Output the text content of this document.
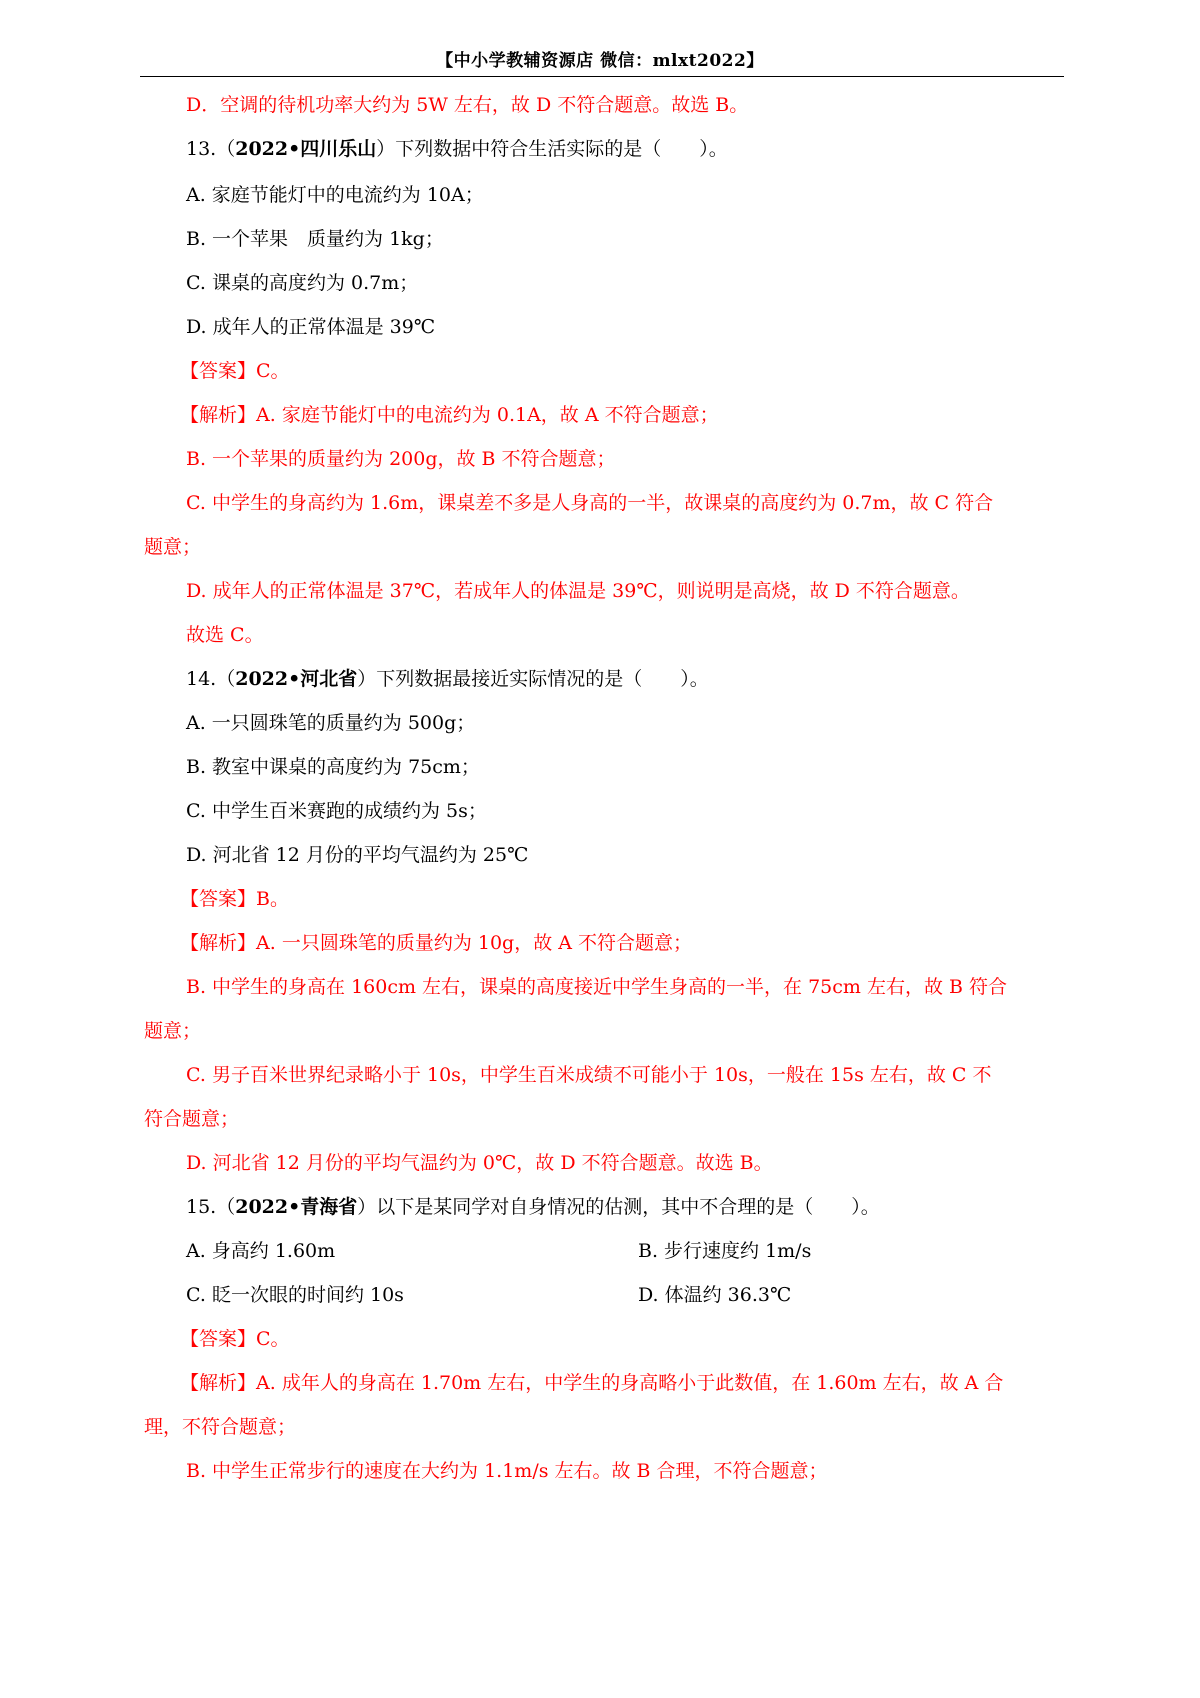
【中小学教辅资源店 微信：mlxt2022】
D．空调的待机功率大约为 5W 左右，故 D 不符合题意。故选 B。
13.（2022•四川乐山）下列数据中符合生活实际的是（　　）。
A. 家庭节能灯中的电流约为 10A；
B. 一个苹果　质量约为 1kg；
C. 课桌的高度约为 0.7m；
D. 成年人的正常体温是 39℃
【答案】C。
【解析】A. 家庭节能灯中的电流约为 0.1A，故 A 不符合题意；
B. 一个苹果的质量约为 200g，故 B 不符合题意；
C. 中学生的身高约为 1.6m，课桌差不多是人身高的一半，故课桌的高度约为 0.7m，故 C 符合
题意；
D. 成年人的正常体温是 37℃，若成年人的体温是 39℃，则说明是高烧，故 D 不符合题意。
故选 C。
14.（2022•河北省）下列数据最接近实际情况的是（　　）。
A. 一只圆珠笔的质量约为 500g；
B. 教室中课桌的高度约为 75cm；
C. 中学生百米赛跑的成绩约为 5s；
D. 河北省 12 月份的平均气温约为 25℃
【答案】B。
【解析】A. 一只圆珠笔的质量约为 10g，故 A 不符合题意；
B. 中学生的身高在 160cm 左右，课桌的高度接近中学生身高的一半，在 75cm 左右，故 B 符合
题意；
C. 男子百米世界纪录略小于 10s，中学生百米成绩不可能小于 10s，一般在 15s 左右，故 C 不
符合题意；
D. 河北省 12 月份的平均气温约为 0℃，故 D 不符合题意。故选 B。
15.（2022•青海省）以下是某同学对自身情况的估测，其中不合理的是（　　）。
A. 身高约 1.60m	B. 步行速度约 1m/s
C. 眨一次眼的时间约 10s	D. 体温约 36.3℃
【答案】C。
【解析】A. 成年人的身高在 1.70m 左右，中学生的身高略小于此数值，在 1.60m 左右，故 A 合
理，不符合题意；
B. 中学生正常步行的速度在大约为 1.1m/s 左右。故 B 合理，不符合题意；
